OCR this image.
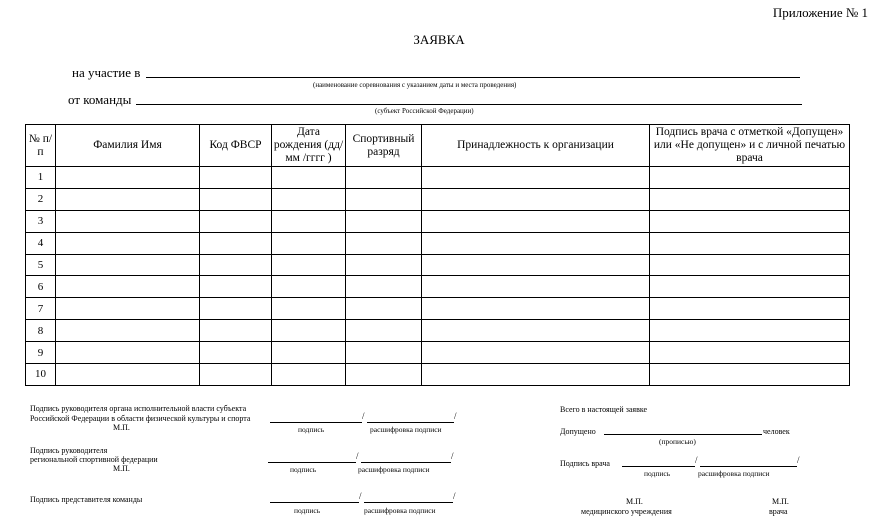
Приложение № 1
ЗАЯВКА
на участие в
(наименование соревнования с указанием даты и места проведения)
от команды
(субъект Российской Федерации)
№ п/п	Фамилия Имя	Код ФВСР	Дата рождения (дд/мм /гггг )	Спортивный разряд	Принадлежность к организации	Подпись врача с отметкой «Допущен» или «Не допущен» и с личной печатью врача
1						
2						
3						
4						
5						
6						
7						
8						
9						
10						
Подпись руководителя органа исполнительной власти субъекта
Российской Федерации в области физической культуры и спорта
М.П.
/	/
подпись	расшифровка подписи
Подпись руководителя
региональной спортивной федерации
М.П.
/	/
подпись	расшифровка подписи
Подпись представителя команды	/	/
подпись	расшифровка подписи
Всего в настоящей заявке
Допущено	человек
(прописью)
Подпись врача	/	/
подпись	расшифровка подписи
М.П.
медицинского учреждения
М.П.
врача
